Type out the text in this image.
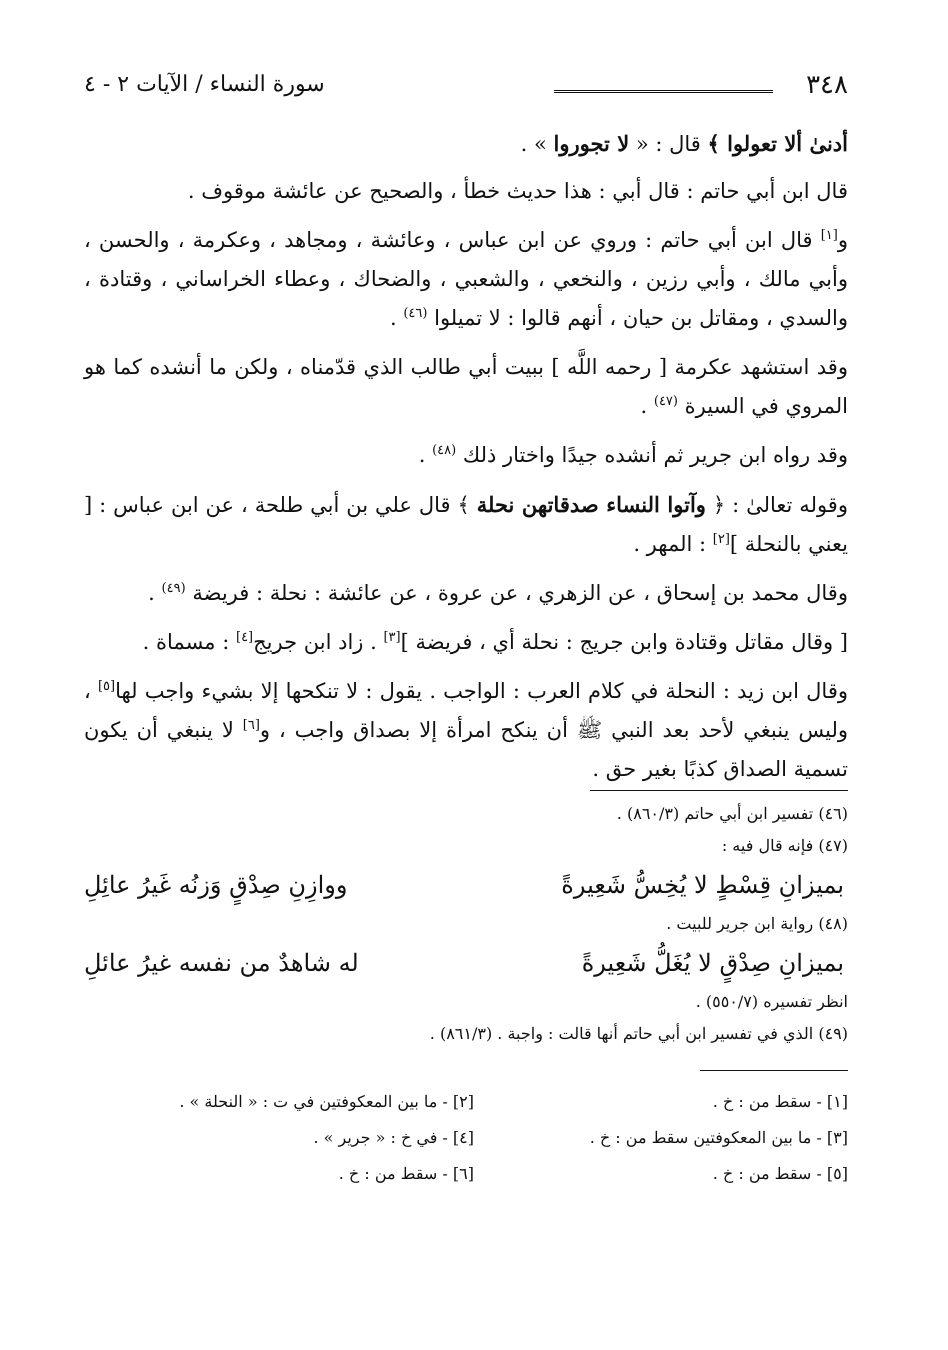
٣٤٨
سورة النساء / الآيات ٢ - ٤

أدنىٰ ألا تعولوا ﴾ قال : « لا تجوروا » .

قال ابن أبي حاتم : قال أبي : هذا حديث خطأ ، والصحيح عن عائشة موقوف .

و[١] قال ابن أبي حاتم : وروي عن ابن عباس ، وعائشة ، ومجاهد ، وعكرمة ، والحسن ، وأبي مالك ، وأبي رزين ، والنخعي ، والشعبي ، والضحاك ، وعطاء الخراساني ، وقتادة ، والسدي ، ومقاتل بن حيان ، أنهم قالوا : لا تميلوا $^{(٤٦)}$ .

وقد استشهد عكرمة [ رحمه اللَّه ] ببيت أبي طالب الذي قدّمناه ، ولكن ما أنشده كما هو المروي في السيرة $^{(٤٧)}$ .

وقد رواه ابن جرير ثم أنشده جيدًا واختار ذلك $^{(٤٨)}$ .

وقوله تعالىٰ : ﴿ وآتوا النساء صدقاتهن نحلة ﴾ قال علي بن أبي طلحة ، عن ابن عباس : [ يعني بالنحلة ][٢] : المهر .

وقال محمد بن إسحاق ، عن الزهري ، عن عروة ، عن عائشة : نحلة : فريضة $^{(٤٩)}$ .

[ وقال مقاتل وقتادة وابن جريج : نحلة أي ، فريضة ][٣] . زاد ابن جريج[٤] : مسماة .

وقال ابن زيد : النحلة في كلام العرب : الواجب . يقول : لا تنكحها إلا بشيء واجب لها[٥] ، وليس ينبغي لأحد بعد النبي ﷺ أن ينكح امرأة إلا بصداق واجب ، و[٦] لا ينبغي أن يكون تسمية الصداق كذبًا بغير حق .

(٤٦) تفسير ابن أبي حاتم (٨٦٠/٣) .

(٤٧) فإنه قال فيه :

بميزانِ قِسْطٍ لا يُخِسُّ شَعِيرةً
ووازِنِ صِدْقٍ وَزنُه غَيرُ عائِلِ

(٤٨) رواية ابن جرير للبيت .

بميزانِ صِدْقٍ لا يُغَلُّ شَعِيرةً
له شاهدٌ من نفسه غيرُ عائلِ

انظر تفسيره (٥٥٠/٧) .

(٤٩) الذي في تفسير ابن أبي حاتم أنها قالت : واجبة . (٨٦١/٣) .

[١] - سقط من : خ .
[٢] - ما بين المعكوفتين في ت : « النحلة » .
[٣] - ما بين المعكوفتين سقط من : خ .
[٤] - في خ : « جرير » .
[٥] - سقط من : خ .
[٦] - سقط من : خ .
